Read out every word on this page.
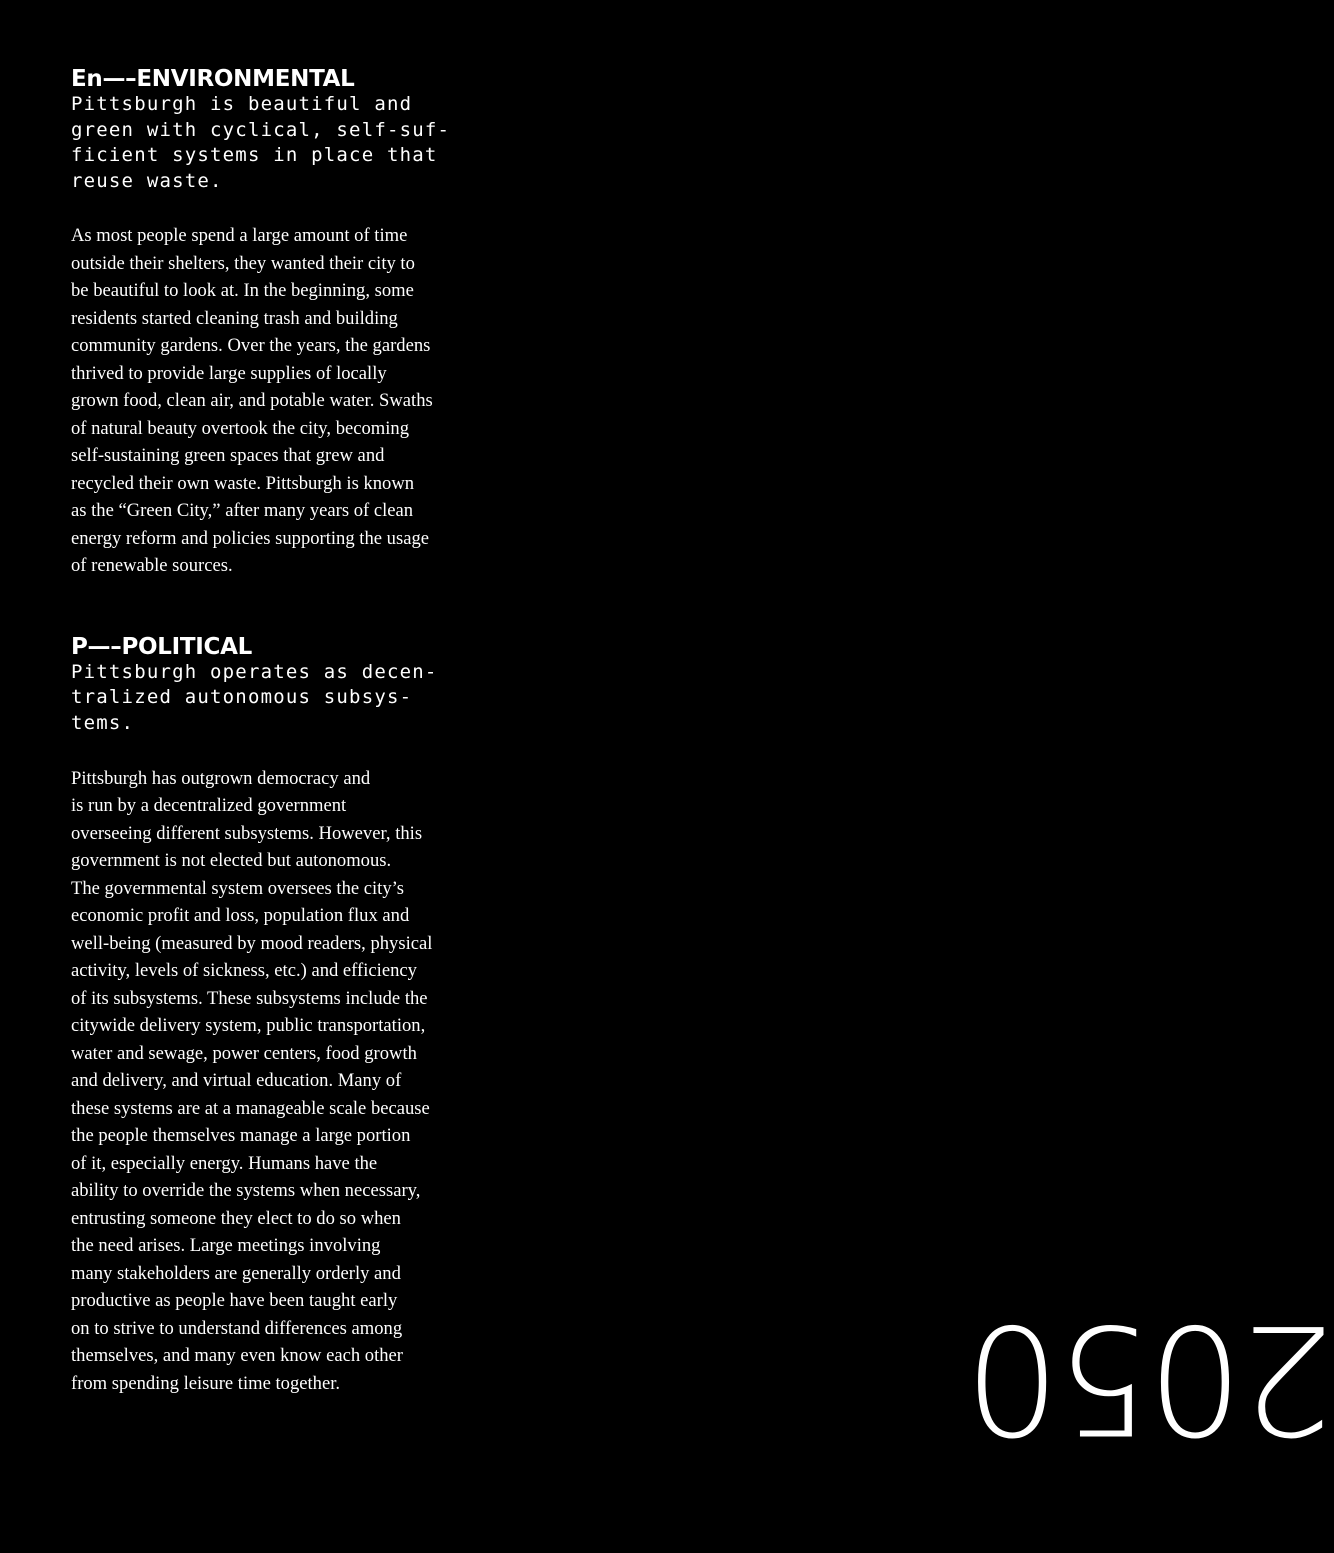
En—–ENVIRONMENTAL

Pittsburgh is beautiful and
green with cyclical, self-suf-
ficient systems in place that
reuse waste.

As most people spend a large amount of time
outside their shelters, they wanted their city to
be beautiful to look at. In the beginning, some
residents started cleaning trash and building
community gardens. Over the years, the gardens
thrived to provide large supplies of locally
grown food, clean air, and potable water. Swaths
of natural beauty overtook the city, becoming
self-sustaining green spaces that grew and
recycled their own waste. Pittsburgh is known
as the “Green City,” after many years of clean
energy reform and policies supporting the usage
of renewable sources.

P—–POLITICAL

Pittsburgh operates as decen-
tralized autonomous subsys-
tems.

Pittsburgh has outgrown democracy and
is run by a decentralized government
overseeing different subsystems. However, this
government is not elected but autonomous.
The governmental system oversees the city’s
economic profit and loss, population flux and
well-being (measured by mood readers, physical
activity, levels of sickness, etc.) and efficiency
of its subsystems. These subsystems include the
citywide delivery system, public transportation,
water and sewage, power centers, food growth
and delivery, and virtual education. Many of
these systems are at a manageable scale because
the people themselves manage a large portion
of it, especially energy. Humans have the
ability to override the systems when necessary,
entrusting someone they elect to do so when
the need arises. Large meetings involving
many stakeholders are generally orderly and
productive as people have been taught early
on to strive to understand differences among
themselves, and many even know each other
from spending leisure time together.	2050
